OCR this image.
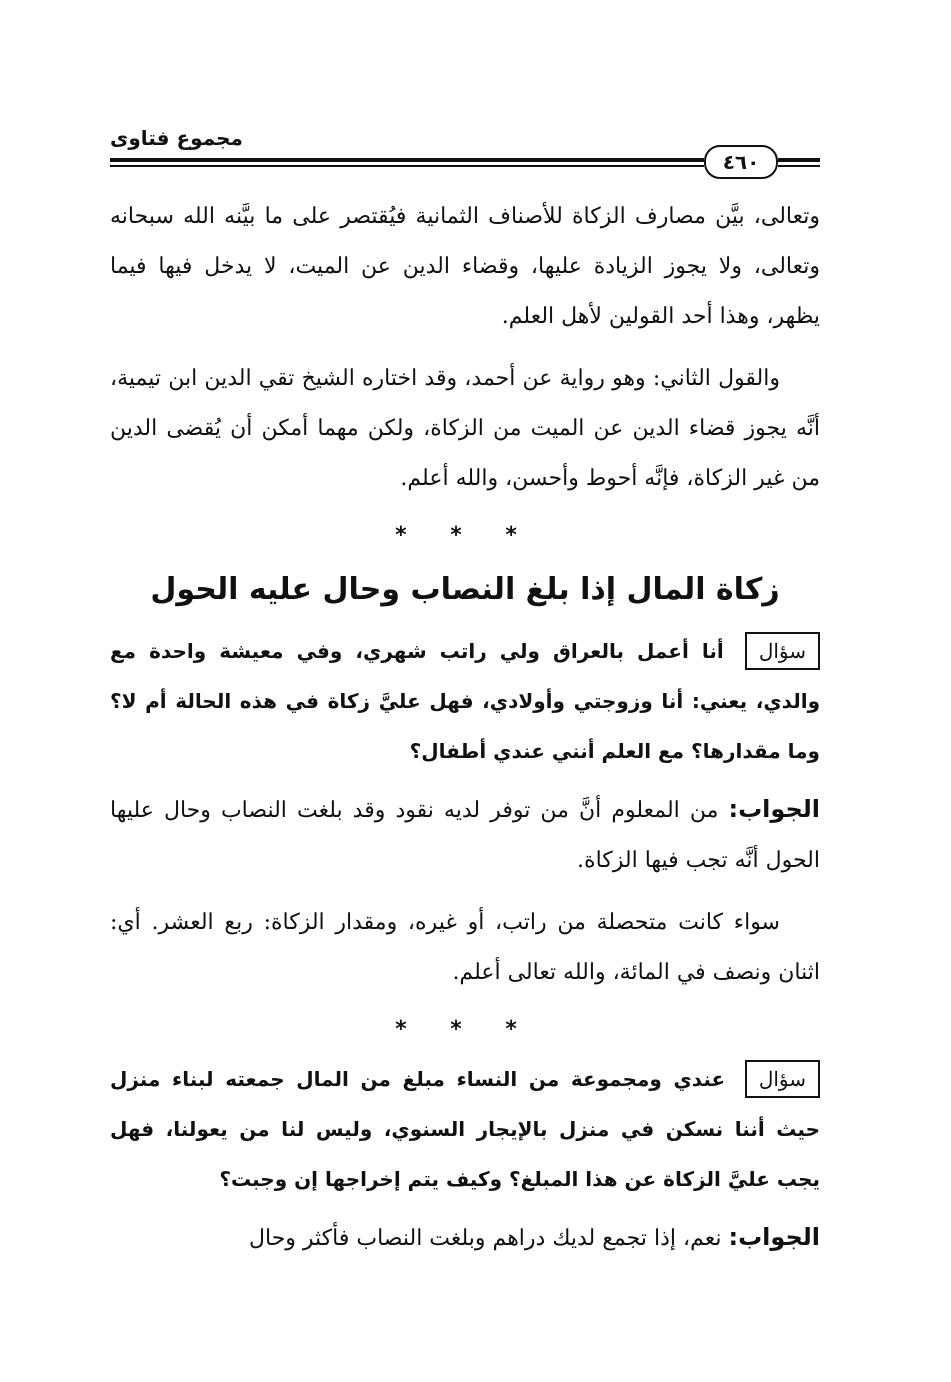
مجموع فتاوى
٤٦٠

وتعالى، بيَّن مصارف الزكاة للأصناف الثمانية فيُقتصر على ما بيَّنه الله سبحانه وتعالى، ولا يجوز الزيادة عليها، وقضاء الدين عن الميت، لا يدخل فيها فيما يظهر، وهذا أحد القولين لأهل العلم.

والقول الثاني: وهو رواية عن أحمد، وقد اختاره الشيخ تقي الدين ابن تيمية، أنَّه يجوز قضاء الدين عن الميت من الزكاة، ولكن مهما أمكن أن يُقضى الدين من غير الزكاة، فإنَّه أحوط وأحسن، والله أعلم.

* * *
زكاة المال إذا بلغ النصاب وحال عليه الحول
سؤال أنا أعمل بالعراق ولي راتب شهري، وفي معيشة واحدة مع والدي، يعني: أنا وزوجتي وأولادي، فهل عليَّ زكاة في هذه الحالة أم لا؟ وما مقدارها؟ مع العلم أنني عندي أطفال؟

الجواب: من المعلوم أنَّ من توفر لديه نقود وقد بلغت النصاب وحال عليها الحول أنَّه تجب فيها الزكاة.

سواء كانت متحصلة من راتب، أو غيره، ومقدار الزكاة: ربع العشر. أي: اثنان ونصف في المائة، والله تعالى أعلم.

* * *
سؤال عندي ومجموعة من النساء مبلغ من المال جمعته لبناء منزل حيث أننا نسكن في منزل بالإيجار السنوي، وليس لنا من يعولنا، فهل يجب عليَّ الزكاة عن هذا المبلغ؟ وكيف يتم إخراجها إن وجبت؟

الجواب: نعم، إذا تجمع لديك دراهم وبلغت النصاب فأكثر وحال
